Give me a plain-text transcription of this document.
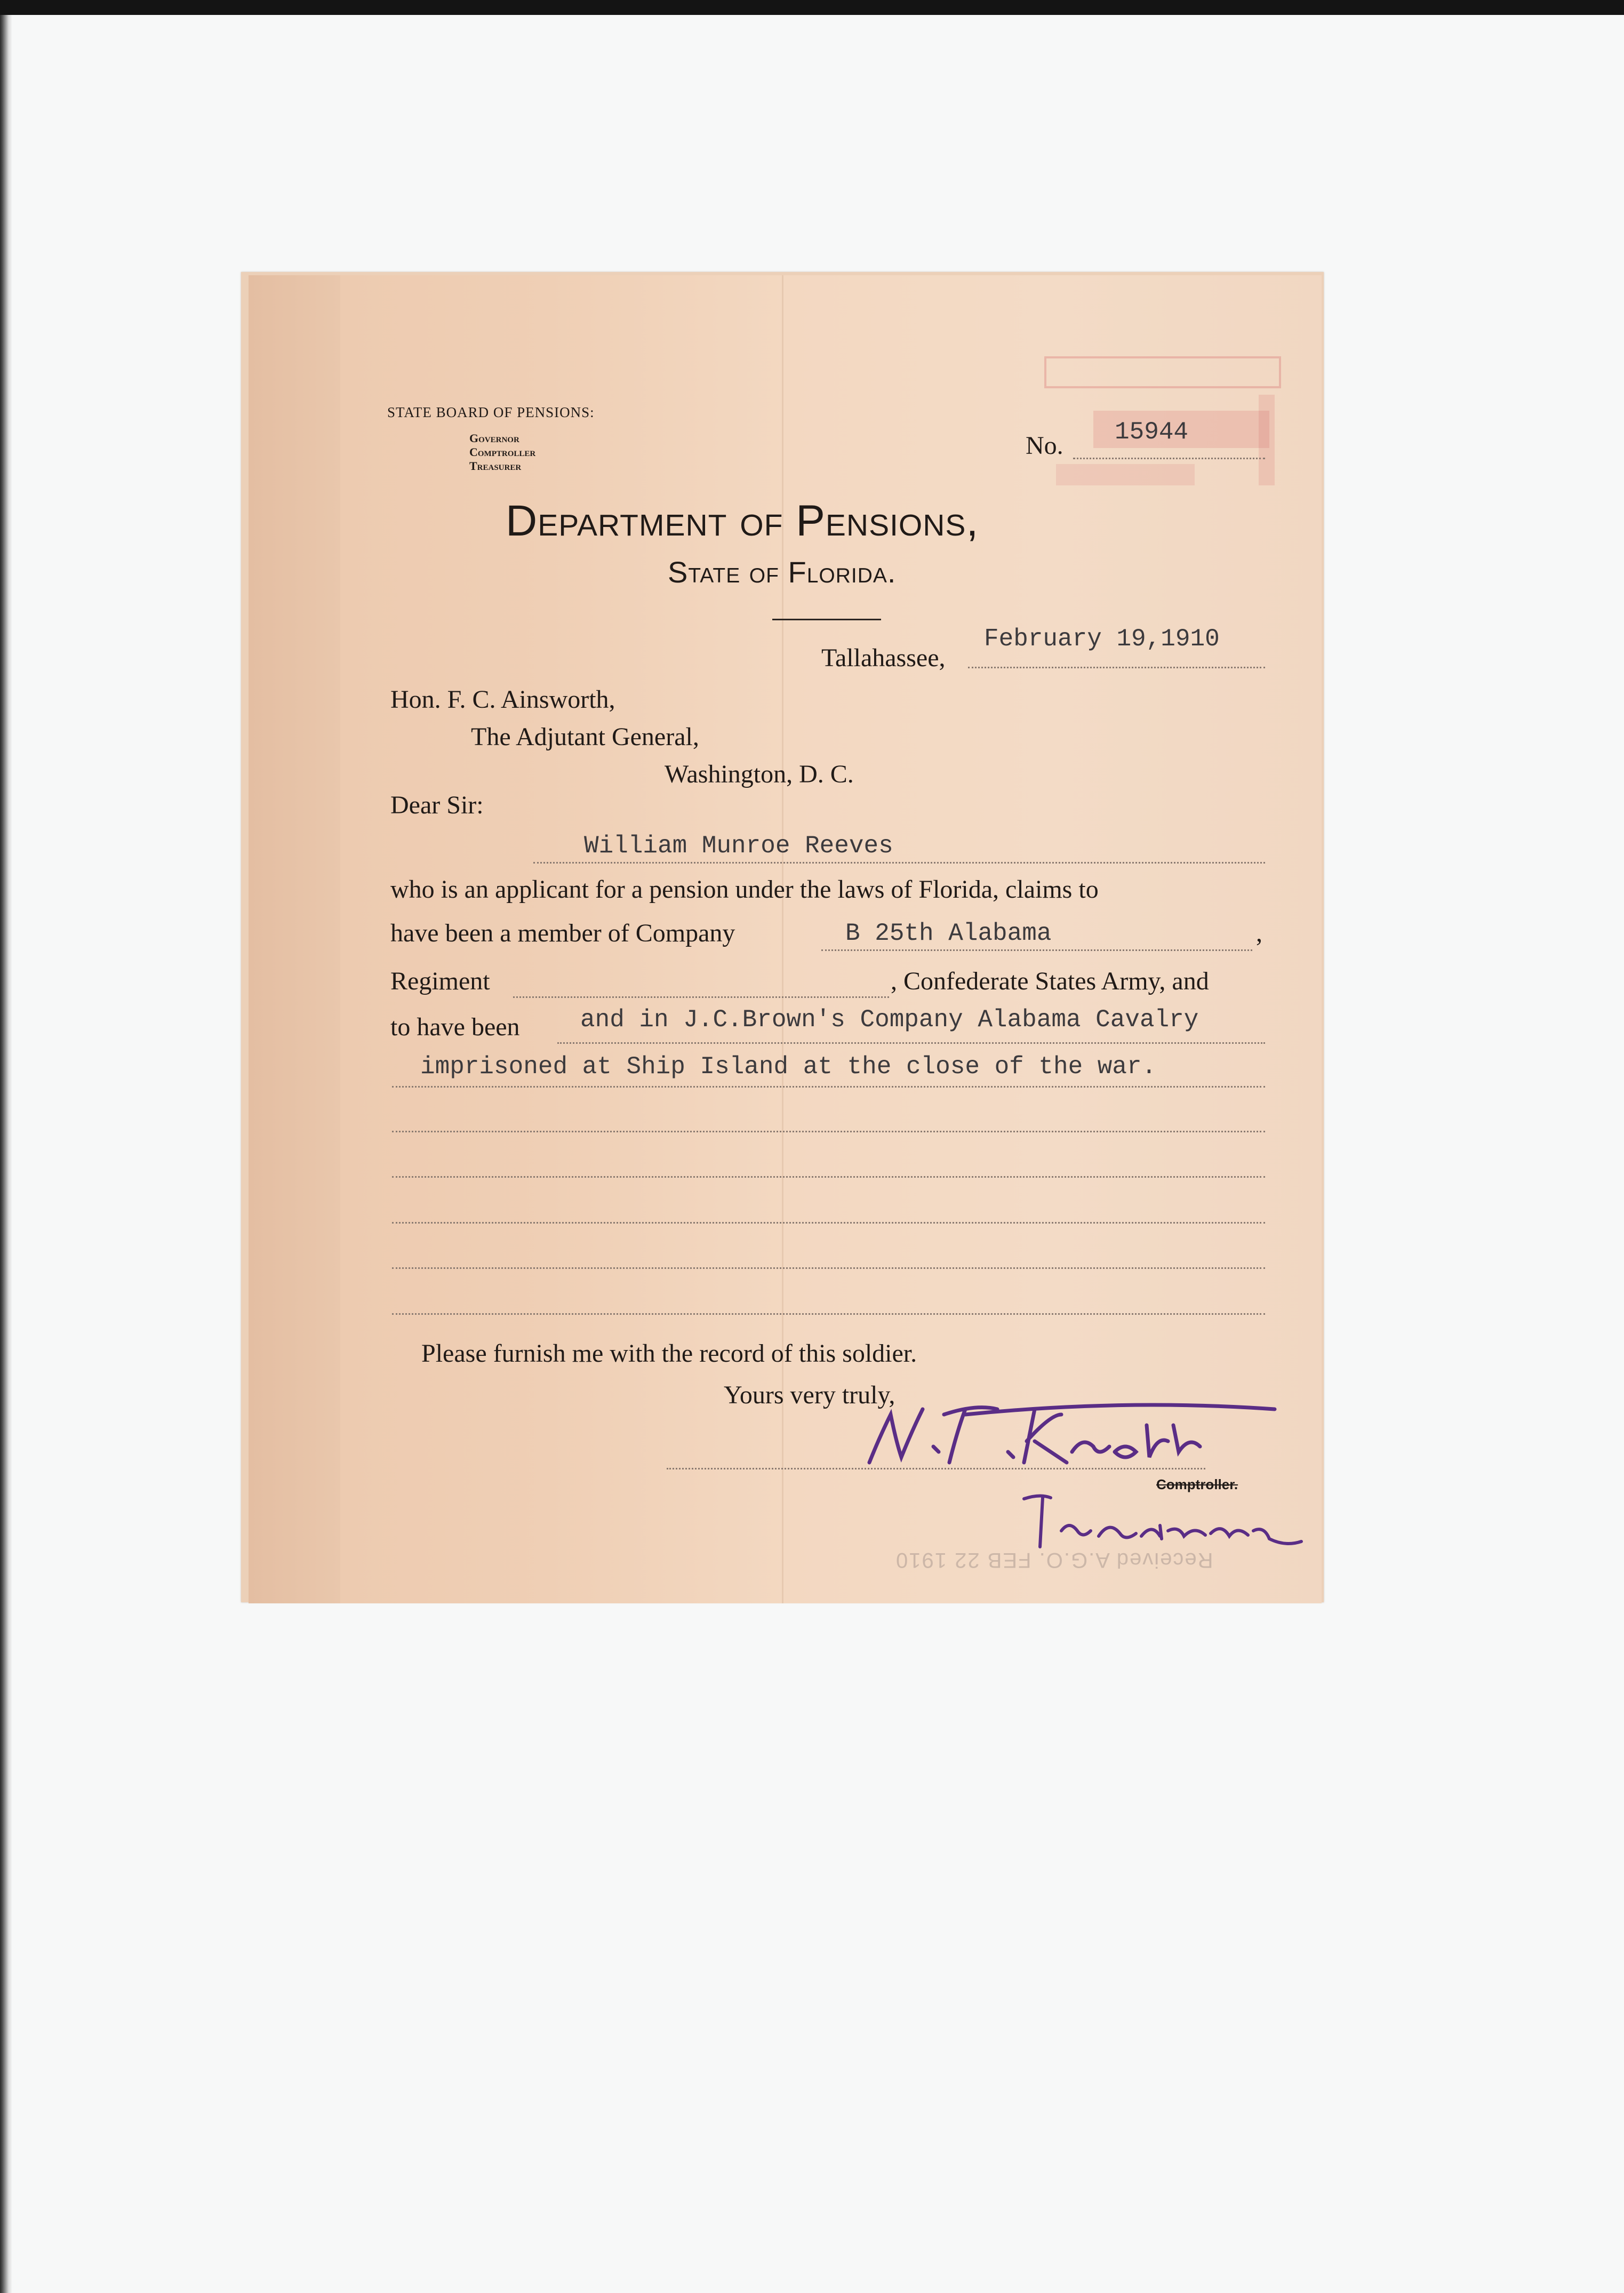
STATE BOARD OF PENSIONS:
Governor
Comptroller
Treasurer
No. 15944
Department of Pensions,
State of Florida.
Tallahassee,
February 19,1910
Hon. F. C. Ainsworth,
The Adjutant General,
Washington, D. C.
Dear Sir:
William Munroe Reeves
who is an applicant for a pension under the laws of Florida, claims to
have been a member of Company	B 25th Alabama	,
Regiment	, Confederate States Army, and
to have been and in J.C.Brown's Company Alabama Cavalry
imprisoned at Ship Island at the close of the war.
Please furnish me with the record of this soldier.
Yours very truly,
Comptroller.
Received A.G.O. FEB 22 1910
